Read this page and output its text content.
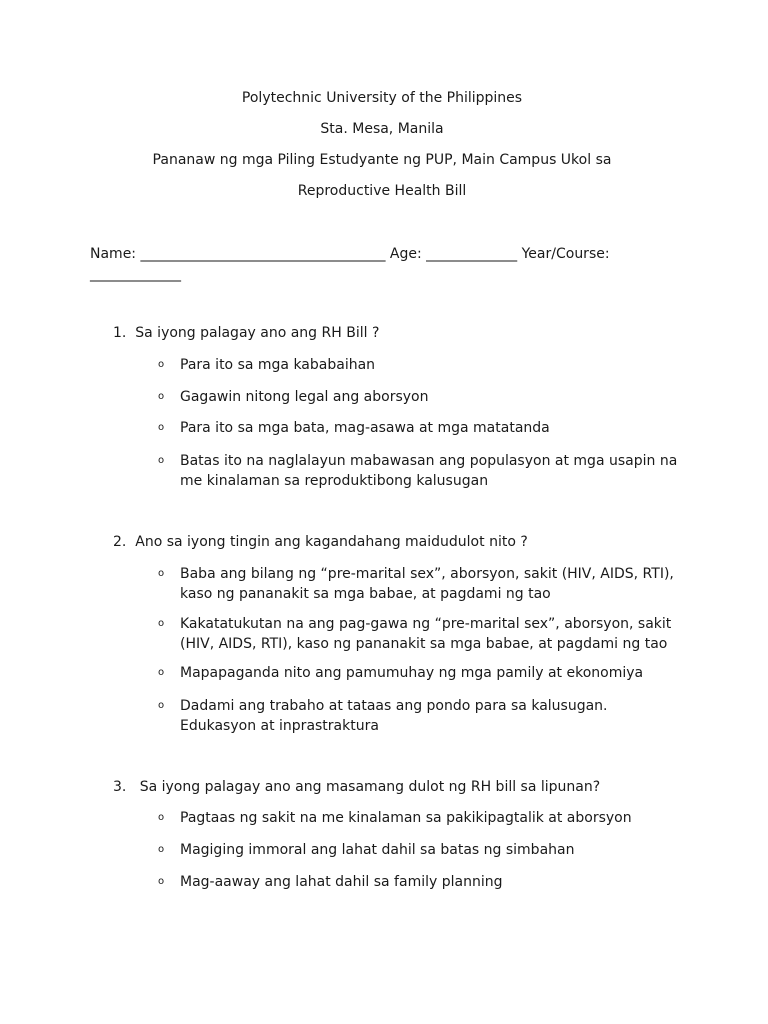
Polytechnic University of the Philippines
Sta. Mesa, Manila
Pananaw ng mga Piling Estudyante ng PUP, Main Campus Ukol sa
Reproductive Health Bill
Name: ___________________________________ Age: _____________ Year/Course: _____________
1.  Sa iyong palagay ano ang RH Bill ?
o Para ito sa mga kababaihan
o Gagawin nitong legal ang aborsyon
o Para ito sa mga bata, mag-asawa at mga matatanda
o Batas ito na naglalayun mabawasan ang populasyon at mga usapin na me kinalaman sa reproduktibong kalusugan
2.  Ano sa iyong tingin ang kagandahang maidudulot nito ?
o Baba ang bilang ng “pre-marital sex”, aborsyon, sakit (HIV, AIDS, RTI), kaso ng pananakit sa mga babae, at pagdami ng tao
o Kakatatukutan na ang pag-gawa ng “pre-marital sex”, aborsyon, sakit (HIV, AIDS, RTI), kaso ng pananakit sa mga babae, at pagdami ng tao
o Mapapaganda nito ang pamumuhay ng mga pamily at ekonomiya
o Dadami ang trabaho at tataas ang pondo para sa kalusugan. Edukasyon at inprastraktura
3.   Sa iyong palagay ano ang masamang dulot ng RH bill sa lipunan?
o Pagtaas ng sakit na me kinalaman sa pakikipagtalik at aborsyon
o Magiging immoral ang lahat dahil sa batas ng simbahan
o Mag-aaway ang lahat dahil sa family planning
